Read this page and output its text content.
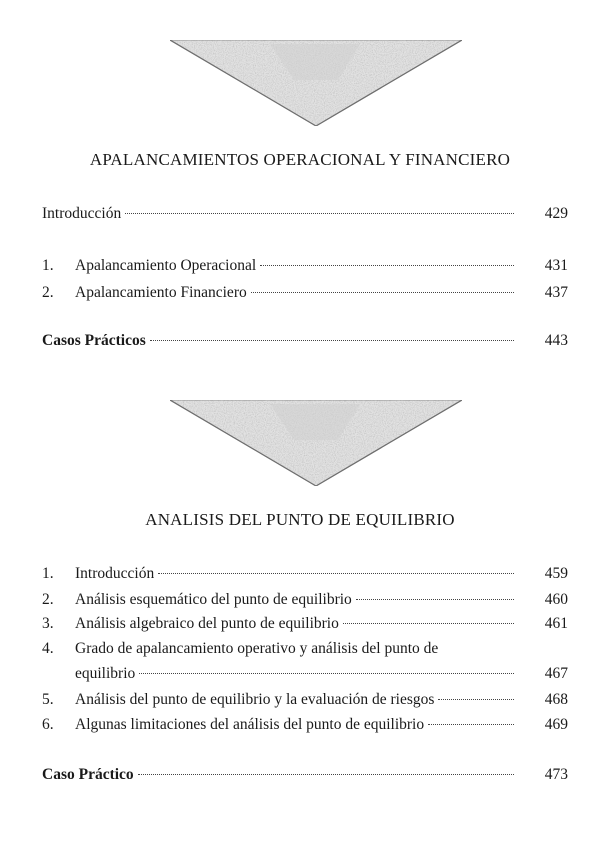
APALANCAMIENTOS OPERACIONAL Y FINANCIERO
Introducción	429
1.	Apalancamiento Operacional	431
2.	Apalancamiento Financiero	437
Casos Prácticos	443
ANALISIS DEL PUNTO DE EQUILIBRIO
1.	Introducción	459
2.	Análisis esquemático del punto de equilibrio	460
3.	Análisis algebraico del punto de equilibrio	461
4.	Grado de apalancamiento operativo y análisis del punto de
equilibrio	467
5.	Análisis del punto de equilibrio y la evaluación de riesgos	468
6.	Algunas limitaciones del análisis del punto de equilibrio	469
Caso Práctico	473
